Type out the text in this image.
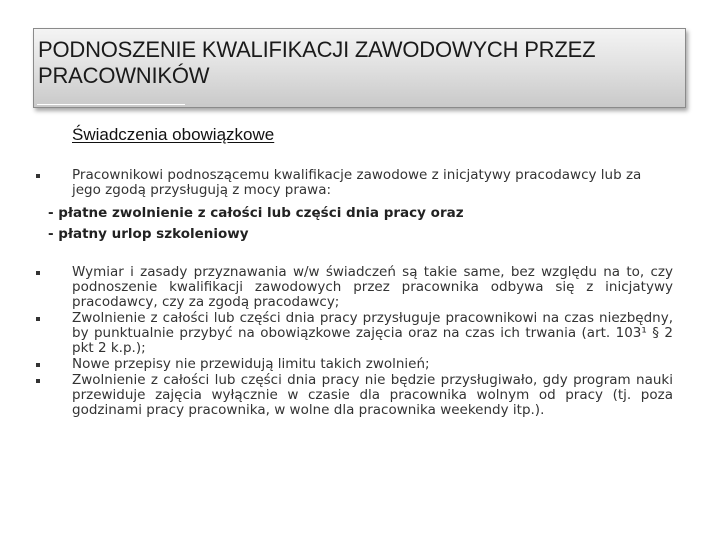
PODNOSZENIE KWALIFIKACJI ZAWODOWYCH PRZEZ PRACOWNIKÓW
Świadczenia obowiązkowe
Pracownikowi podnoszącemu kwalifikacje zawodowe z inicjatywy pracodawcy lub za jego zgodą przysługują z mocy prawa:
- płatne zwolnienie z całości lub części dnia pracy oraz
- płatny urlop szkoleniowy
Wymiar i zasady przyznawania w/w świadczeń są takie same, bez względu na to, czy podnoszenie kwalifikacji zawodowych przez pracownika odbywa się z inicjatywy pracodawcy, czy za zgodą pracodawcy;
Zwolnienie z całości lub części dnia pracy przysługuje pracownikowi na czas niezbędny, by punktualnie przybyć na obowiązkowe zajęcia oraz na czas ich trwania (art. 103¹ § 2 pkt 2 k.p.);
Nowe przepisy nie przewidują limitu takich zwolnień;
Zwolnienie z całości lub części dnia pracy nie będzie przysługiwało, gdy program nauki przewiduje zajęcia wyłącznie w czasie dla pracownika wolnym od pracy (tj. poza godzinami pracy pracownika, w wolne dla pracownika weekendy itp.).
